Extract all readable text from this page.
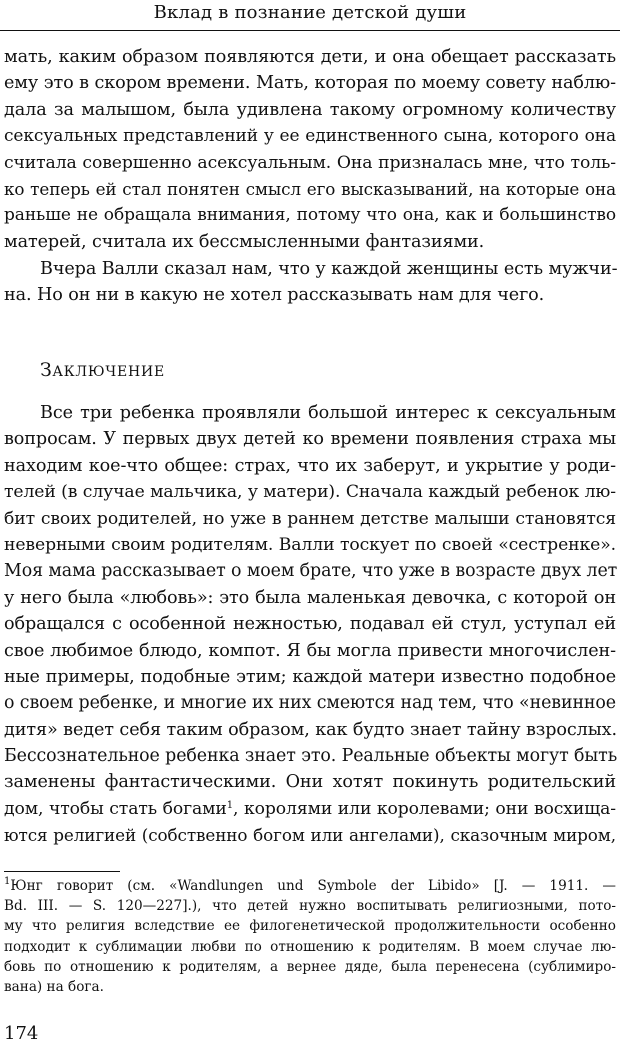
Вклад в познание детской души
мать, каким образом появляются дети, и она обещает рассказать
ему это в скором времени. Мать, которая по моему совету наблю-
дала за малышом, была удивлена такому огромному количеству
сексуальных представлений у ее единственного сына, которого она
считала совершенно асексуальным. Она призналась мне, что толь-
ко теперь ей стал понятен смысл его высказываний, на которые она
раньше не обращала внимания, потому что она, как и большинство
матерей, считала их бессмысленными фантазиями.
Вчера Валли сказал нам, что у каждой женщины есть мужчи-
на. Но он ни в какую не хотел рассказывать нам для чего.
ЗАКЛЮЧЕНИЕ
Все три ребенка проявляли большой интерес к сексуальным
вопросам. У первых двух детей ко времени появления страха мы
находим кое-что общее: страх, что их заберут, и укрытие у роди-
телей (в случае мальчика, у матери). Сначала каждый ребенок лю-
бит своих родителей, но уже в раннем детстве малыши становятся
неверными своим родителям. Валли тоскует по своей «сестренке».
Моя мама рассказывает о моем брате, что уже в возрасте двух лет
у него была «любовь»: это была маленькая девочка, с которой он
обращался с особенной нежностью, подавал ей стул, уступал ей
свое любимое блюдо, компот. Я бы могла привести многочислен-
ные примеры, подобные этим; каждой матери известно подобное
о своем ребенке, и многие их них смеются над тем, что «невинное
дитя» ведет себя таким образом, как будто знает тайну взрослых.
Бессознательное ребенка знает это. Реальные объекты могут быть
заменены фантастическими. Они хотят покинуть родительский
дом, чтобы стать богами$^1$, королями или королевами; они восхища-
ются религией (собственно богом или ангелами), сказочным миром,
$^1$Юнг говорит (см. «Wandlungen und Symbole der Libido» [J. — 1911. —
Bd. III. — S. 120—227].), что детей нужно воспитывать религиозными, пото-
му что религия вследствие ее филогенетической продолжительности особенно
подходит к сублимации любви по отношению к родителям. В моем случае лю-
бовь по отношению к родителям, а вернее дяде, была перенесена (сублимиро-
вана) на бога.
174
